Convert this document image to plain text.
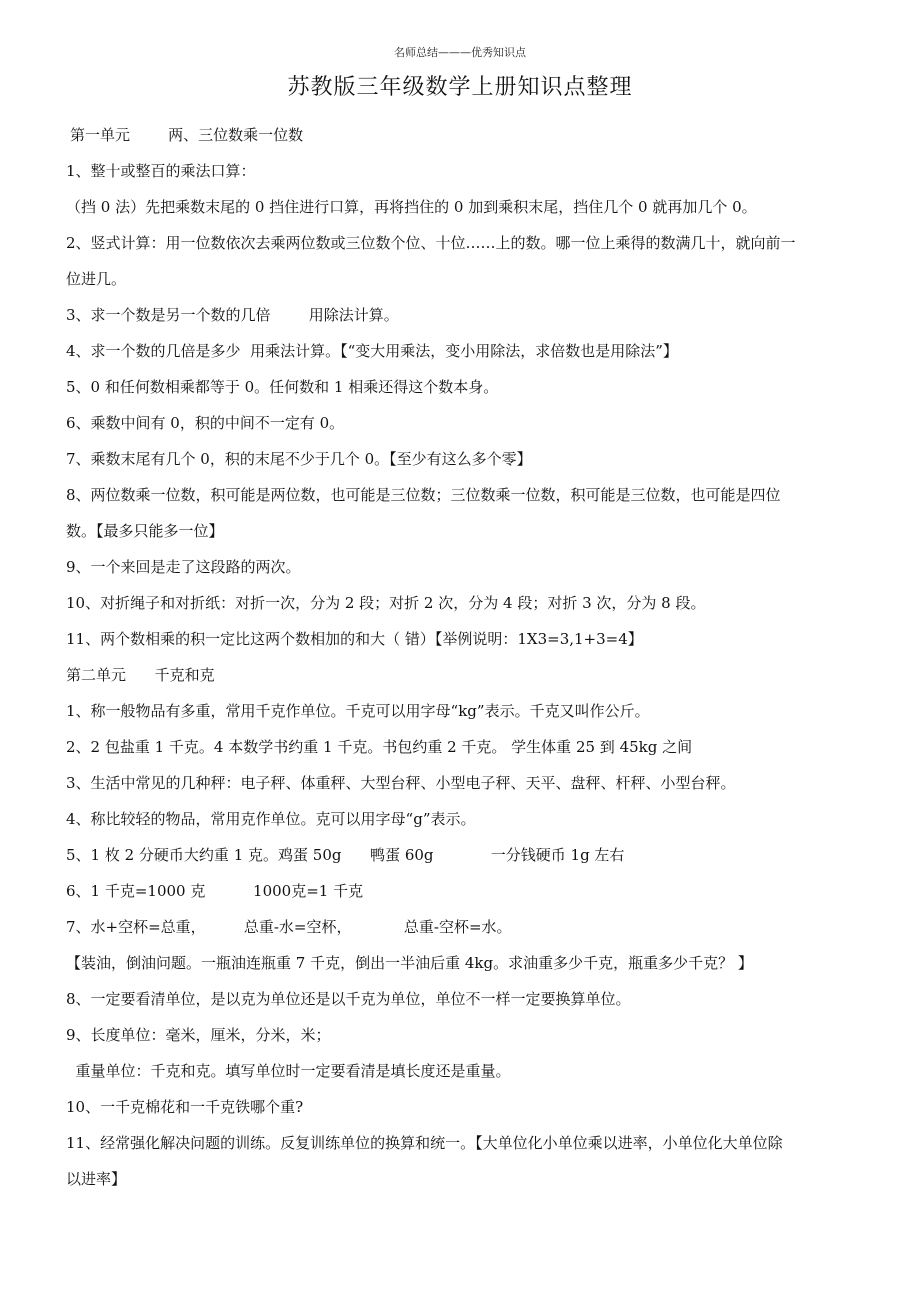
名师总结———优秀知识点
苏教版三年级数学上册知识点整理
第一单元        两、三位数乘一位数
1、整十或整百的乘法口算：
（挡 0 法）先把乘数末尾的 0 挡住进行口算，再将挡住的 0 加到乘积末尾，挡住几个 0 就再加几个 0。
2、竖式计算：用一位数依次去乘两位数或三位数个位、十位……上的数。哪一位上乘得的数满几十，就向前一
位进几。
3、求一个数是另一个数的几倍        用除法计算。
4、求一个数的几倍是多少  用乘法计算。【“变大用乘法，变小用除法，求倍数也是用除法”】
5、0 和任何数相乘都等于 0。任何数和 1 相乘还得这个数本身。
6、乘数中间有 0，积的中间不一定有 0。
7、乘数末尾有几个 0，积的末尾不少于几个 0。【至少有这么多个零】
8、两位数乘一位数，积可能是两位数，也可能是三位数；三位数乘一位数，积可能是三位数，也可能是四位
数。【最多只能多一位】
9、一个来回是走了这段路的两次。
10、对折绳子和对折纸：对折一次，分为 2 段；对折 2 次，分为 4 段；对折 3 次，分为 8 段。
11、两个数相乘的积一定比这两个数相加的和大（ 错）【举例说明：1X3=3,1+3=4】
第二单元      千克和克
1、称一般物品有多重，常用千克作单位。千克可以用字母“kg”表示。千克又叫作公斤。
2、2 包盐重 1 千克。4 本数学书约重 1 千克。书包约重 2 千克。 学生体重 25 到 45kg 之间
3、生活中常见的几种秤：电子秤、体重秤、大型台秤、小型电子秤、天平、盘秤、杆秤、小型台秤。
4、称比较轻的物品，常用克作单位。克可以用字母“g”表示。
5、1 枚 2 分硬币大约重 1 克。鸡蛋 50g      鸭蛋 60g            一分钱硬币 1g 左右
6、1 千克=1000 克          1000克=1 千克
7、水+空杯=总重，        总重-水=空杯，           总重-空杯=水。
【装油，倒油问题。一瓶油连瓶重 7 千克，倒出一半油后重 4kg。求油重多少千克，瓶重多少千克？ 】
8、一定要看清单位，是以克为单位还是以千克为单位，单位不一样一定要换算单位。
9、长度单位：毫米，厘米，分米，米；
重量单位：千克和克。填写单位时一定要看清是填长度还是重量。
10、一千克棉花和一千克铁哪个重?
11、经常强化解决问题的训练。反复训练单位的换算和统一。【大单位化小单位乘以进率，小单位化大单位除
以进率】
